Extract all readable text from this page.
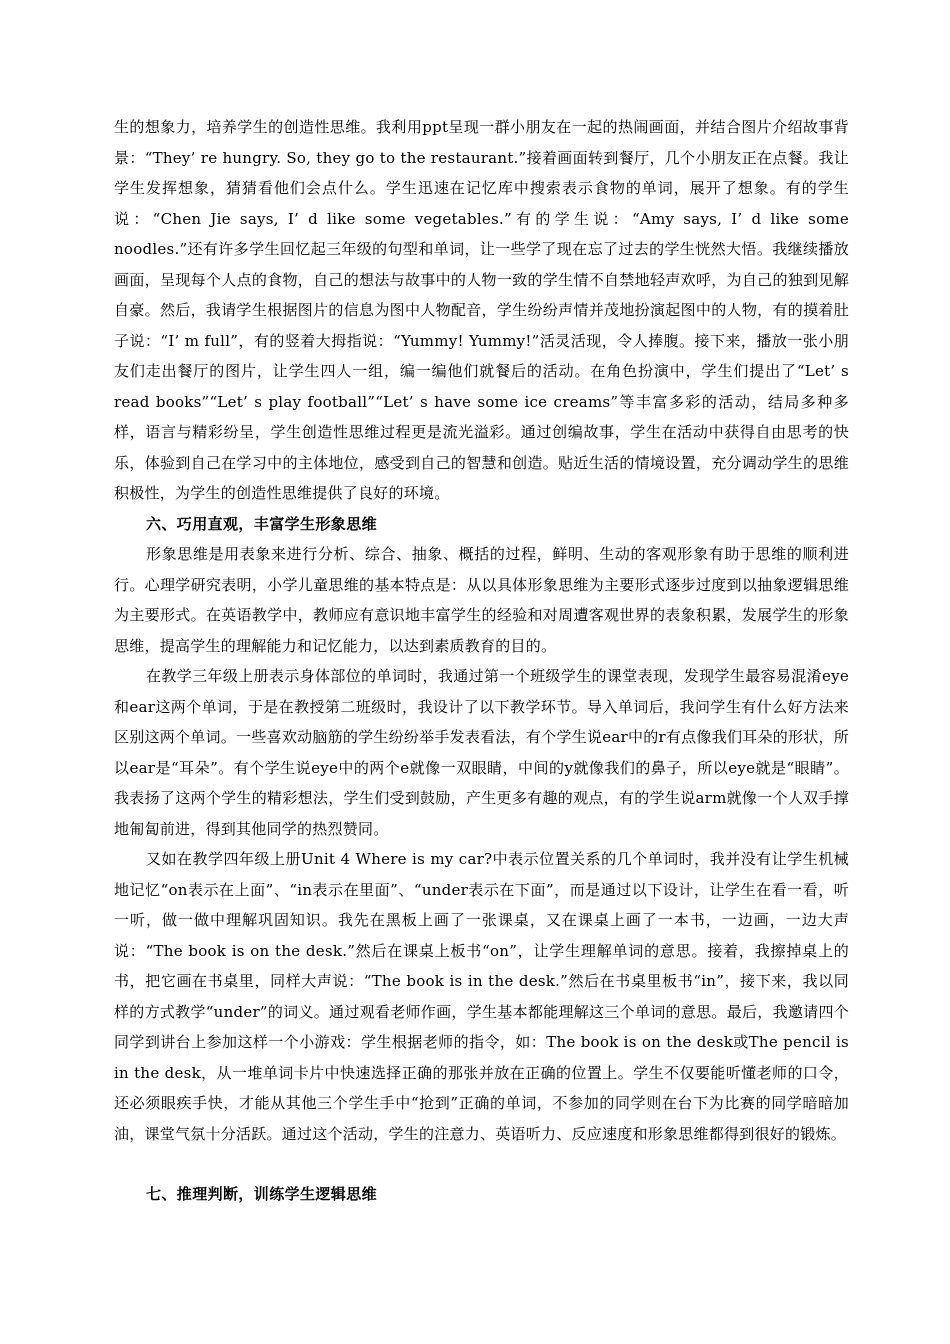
生的想象力，培养学生的创造性思维。我利用ppt呈现一群小朋友在一起的热闹画面，并结合图片介绍故事背景：“They’ re hungry. So, they go to the restaurant.”接着画面转到餐厅，几个小朋友正在点餐。我让学生发挥想象，猜猜看他们会点什么。学生迅速在记忆库中搜索表示食物的单词，展开了想象。有的学生说：“Chen Jie says, I’ d like some vegetables.”有的学生说：“Amy says, I’ d like some noodles.”还有许多学生回忆起三年级的句型和单词，让一些学了现在忘了过去的学生恍然大悟。我继续播放画面，呈现每个人点的食物，自己的想法与故事中的人物一致的学生情不自禁地轻声欢呼，为自己的独到见解自豪。然后，我请学生根据图片的信息为图中人物配音，学生纷纷声情并茂地扮演起图中的人物，有的摸着肚子说：“I’ m full”，有的竖着大拇指说：“Yummy! Yummy!”活灵活现，令人捧腹。接下来，播放一张小朋友们走出餐厅的图片，让学生四人一组，编一编他们就餐后的活动。在角色扮演中，学生们提出了“Let’ s read books”“Let’ s play football”“Let’ s have some ice creams”等丰富多彩的活动，结局多种多样，语言与精彩纷呈，学生创造性思维过程更是流光溢彩。通过创编故事，学生在活动中获得自由思考的快乐，体验到自己在学习中的主体地位，感受到自己的智慧和创造。贴近生活的情境设置，充分调动学生的思维积极性，为学生的创造性思维提供了良好的环境。

六、巧用直观，丰富学生形象思维

形象思维是用表象来进行分析、综合、抽象、概括的过程，鲜明、生动的客观形象有助于思维的顺利进行。心理学研究表明，小学儿童思维的基本特点是：从以具体形象思维为主要形式逐步过度到以抽象逻辑思维为主要形式。在英语教学中，教师应有意识地丰富学生的经验和对周遭客观世界的表象积累，发展学生的形象思维，提高学生的理解能力和记忆能力，以达到素质教育的目的。

在教学三年级上册表示身体部位的单词时，我通过第一个班级学生的课堂表现，发现学生最容易混淆eye和ear这两个单词，于是在教授第二班级时，我设计了以下教学环节。导入单词后，我问学生有什么好方法来区别这两个单词。一些喜欢动脑筋的学生纷纷举手发表看法，有个学生说ear中的r有点像我们耳朵的形状，所以ear是“耳朵”。有个学生说eye中的两个e就像一双眼睛，中间的y就像我们的鼻子，所以eye就是“眼睛”。我表扬了这两个学生的精彩想法，学生们受到鼓励，产生更多有趣的观点，有的学生说arm就像一个人双手撑地匍匐前进，得到其他同学的热烈赞同。

又如在教学四年级上册Unit 4 Where is my car?中表示位置关系的几个单词时，我并没有让学生机械地记忆“on表示在上面”、“in表示在里面”、“under表示在下面”，而是通过以下设计，让学生在看一看，听一听，做一做中理解巩固知识。我先在黑板上画了一张课桌，又在课桌上画了一本书，一边画，一边大声说：“The book is on the desk.”然后在课桌上板书“on”，让学生理解单词的意思。接着，我擦掉桌上的书，把它画在书桌里，同样大声说：“The book is in the desk.”然后在书桌里板书“in”，接下来，我以同样的方式教学“under”的词义。通过观看老师作画，学生基本都能理解这三个单词的意思。最后，我邀请四个同学到讲台上参加这样一个小游戏：学生根据老师的指令，如：The book is on the desk或The pencil is in the desk，从一堆单词卡片中快速选择正确的那张并放在正确的位置上。学生不仅要能听懂老师的口令，还必须眼疾手快，才能从其他三个学生手中“抢到”正确的单词，不参加的同学则在台下为比赛的同学暗暗加油，课堂气氛十分活跃。通过这个活动，学生的注意力、英语听力、反应速度和形象思维都得到很好的锻炼。

七、推理判断，训练学生逻辑思维
